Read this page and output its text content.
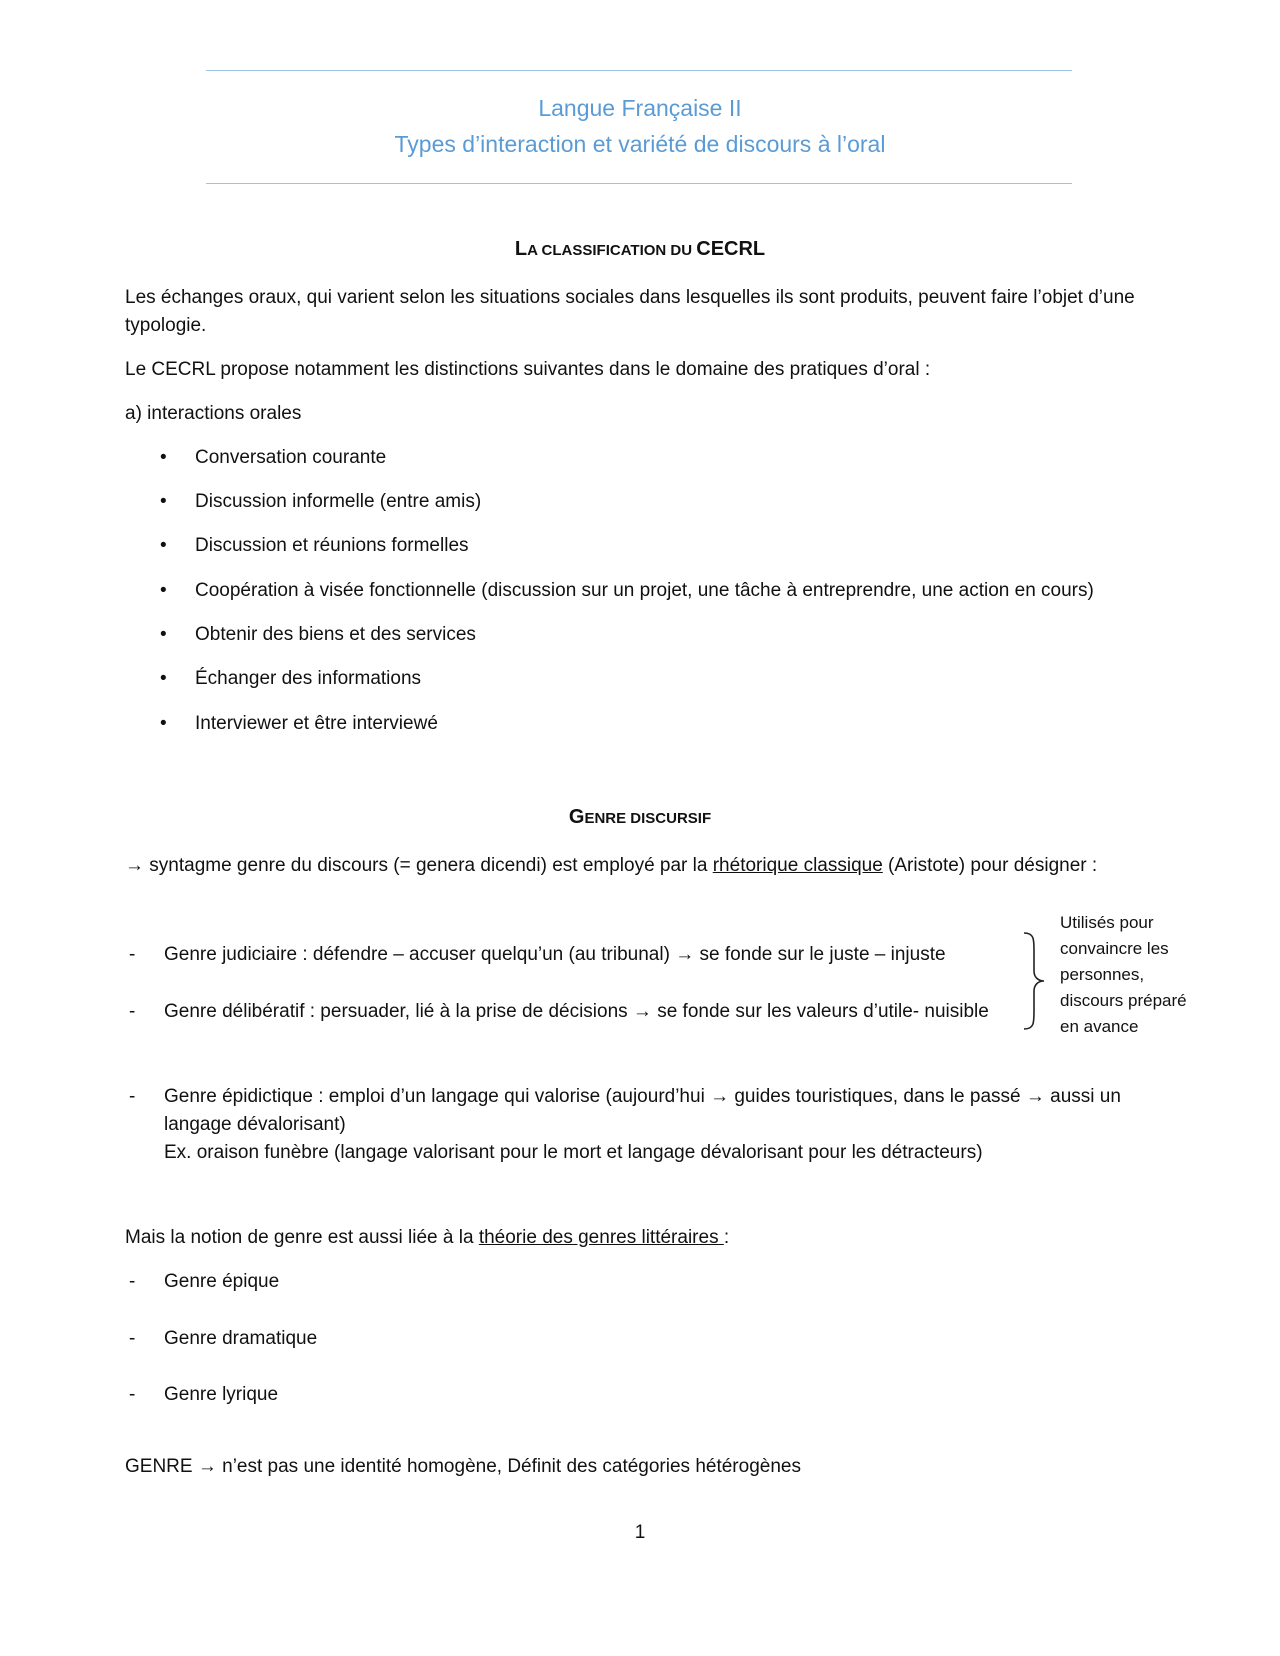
Langue Française II
Types d’interaction et variété de discours à l’oral
LA CLASSIFICATION DU CECRL
Les échanges oraux, qui varient selon les situations sociales dans lesquelles ils sont produits, peuvent faire l’objet d’une typologie.
Le CECRL propose notamment les distinctions suivantes dans le domaine des pratiques d’oral :
a) interactions orales
• Conversation courante
• Discussion informelle (entre amis)
• Discussion et réunions formelles
• Coopération à visée fonctionnelle (discussion sur un projet, une tâche à entreprendre, une action en cours)
• Obtenir des biens et des services
• Échanger des informations
• Interviewer et être interviewé
GENRE DISCURSIF
→ syntagme genre du discours (= genera dicendi) est employé par la rhétorique classique (Aristote) pour désigner :
- Genre judiciaire : défendre – accuser quelqu’un (au tribunal) → se fonde sur le juste – injuste
- Genre délibératif : persuader, lié à la prise de décisions → se fonde sur les valeurs d’utile- nuisible
Utilisés pour
convaincre les
personnes,
discours préparé
en avance
- Genre épidictique : emploi d’un langage qui valorise (aujourd’hui → guides touristiques, dans le passé → aussi un langage dévalorisant)
Ex. oraison funèbre (langage valorisant pour le mort et langage dévalorisant pour les détracteurs)
Mais la notion de genre est aussi liée à la théorie des genres littéraires :
- Genre épique
- Genre dramatique
- Genre lyrique
GENRE → n’est pas une identité homogène, Définit des catégories hétérogènes
1
